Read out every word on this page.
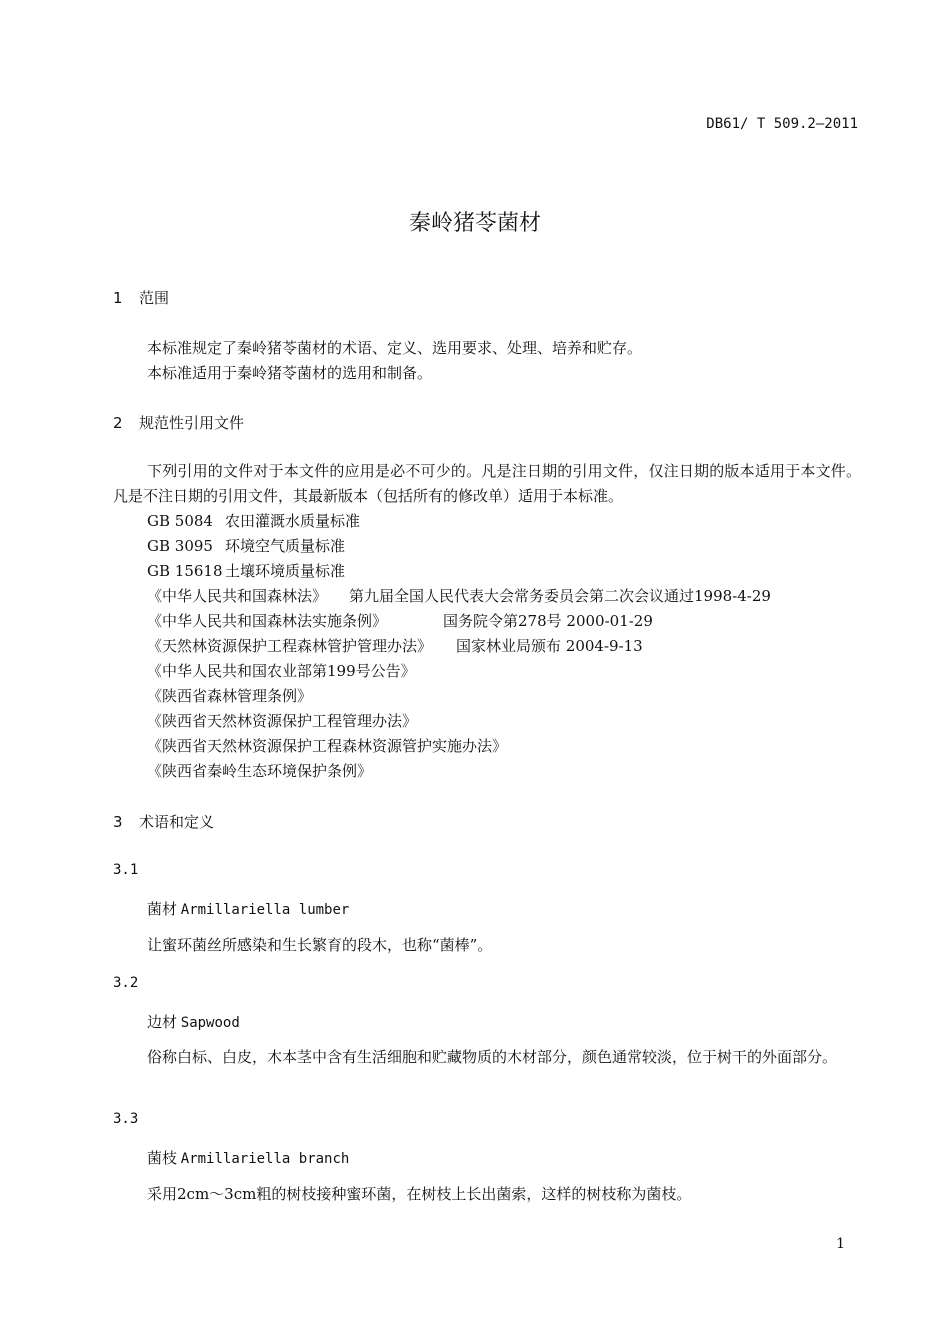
DB61/ T 509.2—2011
秦岭猪苓菌材
1 范围
本标准规定了秦岭猪苓菌材的术语、定义、选用要求、处理、培养和贮存。
本标准适用于秦岭猪苓菌材的选用和制备。
2 规范性引用文件
下列引用的文件对于本文件的应用是必不可少的。凡是注日期的引用文件，仅注日期的版本适用于本文件。凡是不注日期的引用文件，其最新版本（包括所有的修改单）适用于本标准。
GB 5084 农田灌溉水质量标准
GB 3095 环境空气质量标准
GB 15618 土壤环境质量标准
《中华人民共和国森林法》 第九届全国人民代表大会常务委员会第二次会议通过1998-4-29
《中华人民共和国森林法实施条例》	国务院令第278号 2000-01-29
《天然林资源保护工程森林管护管理办法》 国家林业局颁布 2004-9-13
《中华人民共和国农业部第199号公告》
《陕西省森林管理条例》
《陕西省天然林资源保护工程管理办法》
《陕西省天然林资源保护工程森林资源管护实施办法》
《陕西省秦岭生态环境保护条例》
3 术语和定义
3.1
菌材 Armillariella lumber
让蜜环菌丝所感染和生长繁育的段木，也称“菌棒”。
3.2
边材 Sapwood
俗称白标、白皮，木本茎中含有生活细胞和贮藏物质的木材部分，颜色通常较淡，位于树干的外面部分。
3.3
菌枝 Armillariella branch
采用2cm～3cm粗的树枝接种蜜环菌，在树枝上长出菌索，这样的树枝称为菌枝。
1
